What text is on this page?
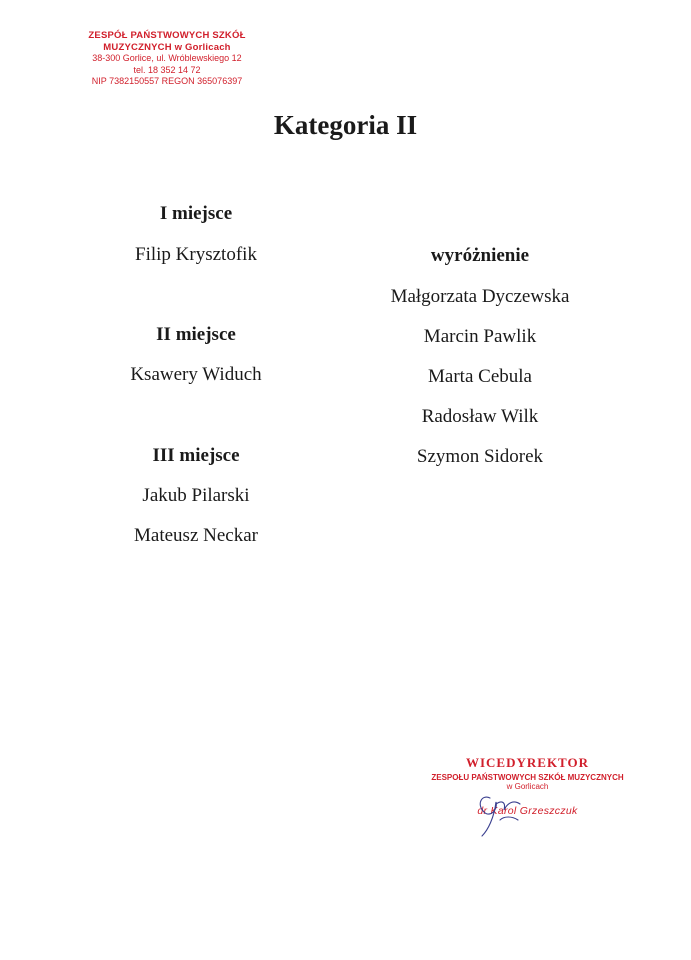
ZESPÓŁ PAŃSTWOWYCH SZKÓŁ
MUZYCZNYCH w Gorlicach
38-300 Gorlice, ul. Wróblewskiego 12
tel. 18 352 14 72
NIP 7382150557 REGON 365076397
Kategoria II
I miejsce
Filip Krysztofik
II miejsce
Ksawery Widuch
III miejsce
Jakub Pilarski
Mateusz Neckar
wyróżnienie
Małgorzata Dyczewska
Marcin Pawlik
Marta Cebula
Radosław Wilk
Szymon Sidorek
WICEDYREKTOR
ZESPOŁU PAŃSTWOWYCH SZKÓŁ MUZYCZNYCH
w Gorlicach
dr Karol Grzeszczuk
